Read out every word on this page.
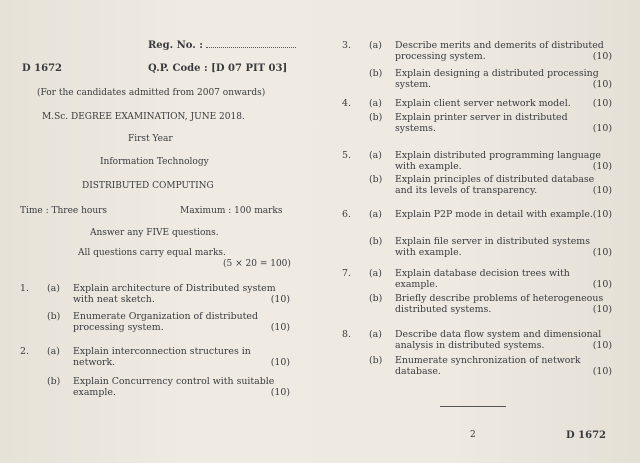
Reg. No. :
D 1672	Q.P. Code : [D 07 PIT 03]
(For the candidates admitted from 2007 onwards)
M.Sc. DEGREE EXAMINATION, JUNE 2018.
First Year
Information Technology
DISTRIBUTED COMPUTING
Time : Three hours	Maximum : 100 marks
Answer any FIVE questions.
All questions carry equal marks.
(5 × 20 = 100)
1. (a) Explain architecture of Distributed system
with neat sketch.	(10)
(b) Enumerate Organization of distributed
processing system.	(10)
2. (a) Explain interconnection structures in
network.	(10)
(b) Explain Concurrency control with suitable
example.	(10)
3. (a) Describe merits and demerits of distributed
processing system.	(10)
(b) Explain designing a distributed processing
system.	(10)
4. (a) Explain client server network model.	(10)
(b) Explain printer server in distributed
systems.	(10)
5. (a) Explain distributed programming language
with example.	(10)
(b) Explain principles of distributed database
and its levels of transparency.	(10)
6. (a) Explain P2P mode in detail with example. (10)
(b) Explain file server in distributed systems
with example.	(10)
7. (a) Explain database decision trees with
example.	(10)
(b) Briefly describe problems of heterogeneous
distributed systems.	(10)
8. (a) Describe data flow system and dimensional
analysis in distributed systems.	(10)
(b) Enumerate synchronization of network
database.	(10)
2	D 1672
